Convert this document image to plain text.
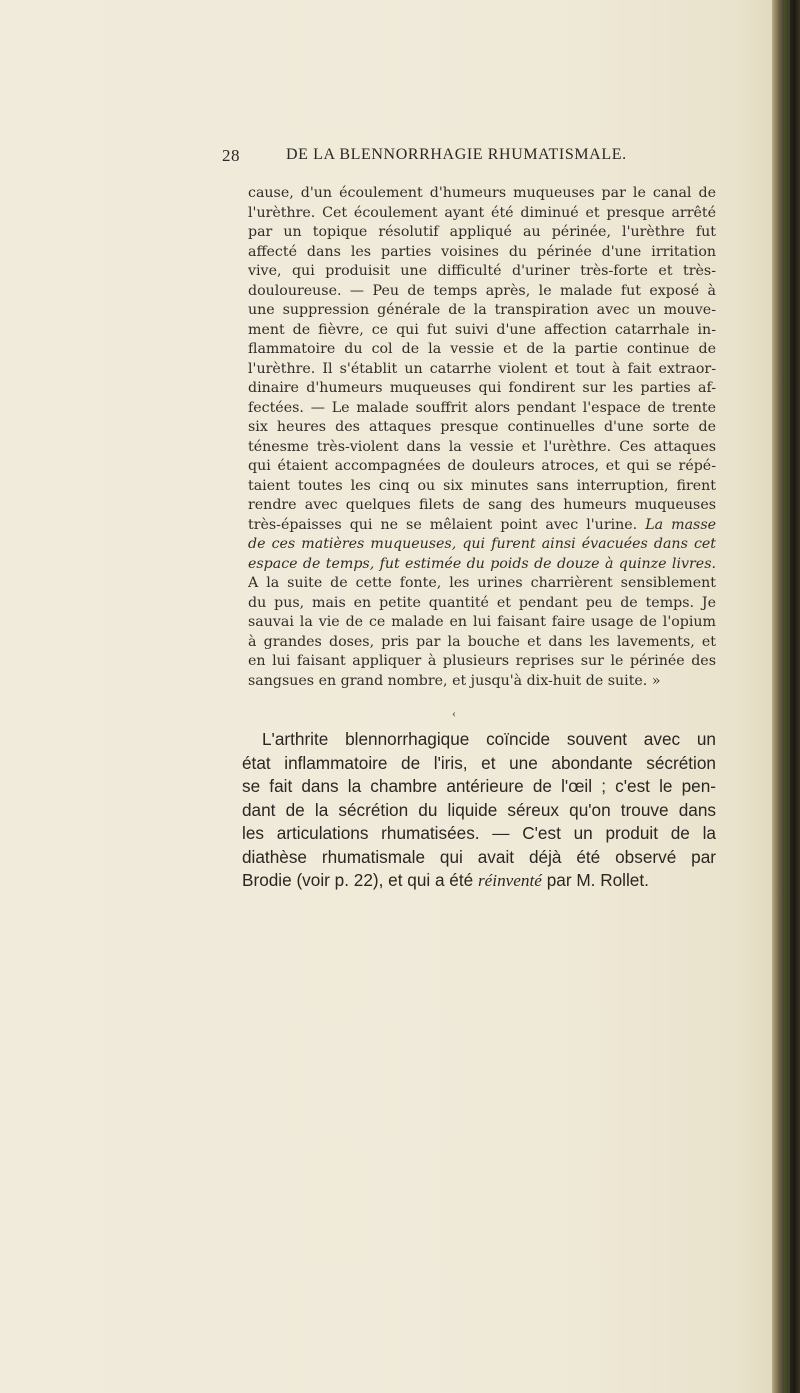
28	DE LA BLENNORRHAGIE RHUMATISMALE.
cause, d'un écoulement d'humeurs muqueuses par le canal de
l'urèthre. Cet écoulement ayant été diminué et presque arrêté
par un topique résolutif appliqué au périnée, l'urèthre fut
affecté dans les parties voisines du périnée d'une irritation
vive, qui produisit une difficulté d'uriner très-forte et très-
douloureuse. — Peu de temps après, le malade fut exposé à
une suppression générale de la transpiration avec un mouve-
ment de fièvre, ce qui fut suivi d'une affection catarrhale in-
flammatoire du col de la vessie et de la partie continue de
l'urèthre. Il s'établit un catarrhe violent et tout à fait extraor-
dinaire d'humeurs muqueuses qui fondirent sur les parties af-
fectées. — Le malade souffrit alors pendant l'espace de trente
six heures des attaques presque continuelles d'une sorte de
ténesme très-violent dans la vessie et l'urèthre. Ces attaques
qui étaient accompagnées de douleurs atroces, et qui se répé-
taient toutes les cinq ou six minutes sans interruption, firent
rendre avec quelques filets de sang des humeurs muqueuses
très-épaisses qui ne se mêlaient point avec l'urine. La masse
de ces matières muqueuses, qui furent ainsi évacuées dans cet
espace de temps, fut estimée du poids de douze à quinze livres.
A la suite de cette fonte, les urines charrièrent sensiblement
du pus, mais en petite quantité et pendant peu de temps. Je
sauvai la vie de ce malade en lui faisant faire usage de l'opium
à grandes doses, pris par la bouche et dans les lavements, et
en lui faisant appliquer à plusieurs reprises sur le périnée des
sangsues en grand nombre, et jusqu'à dix-huit de suite. »
‹
L'arthrite blennorrhagique coïncide souvent avec un
état inflammatoire de l'iris, et une abondante sécrétion
se fait dans la chambre antérieure de l'œil ; c'est le pen-
dant de la sécrétion du liquide séreux qu'on trouve dans
les articulations rhumatisées. — C'est un produit de la
diathèse rhumatismale qui avait déjà été observé par
Brodie (voir p. 22), et qui a été réinventé par M. Rollet.
